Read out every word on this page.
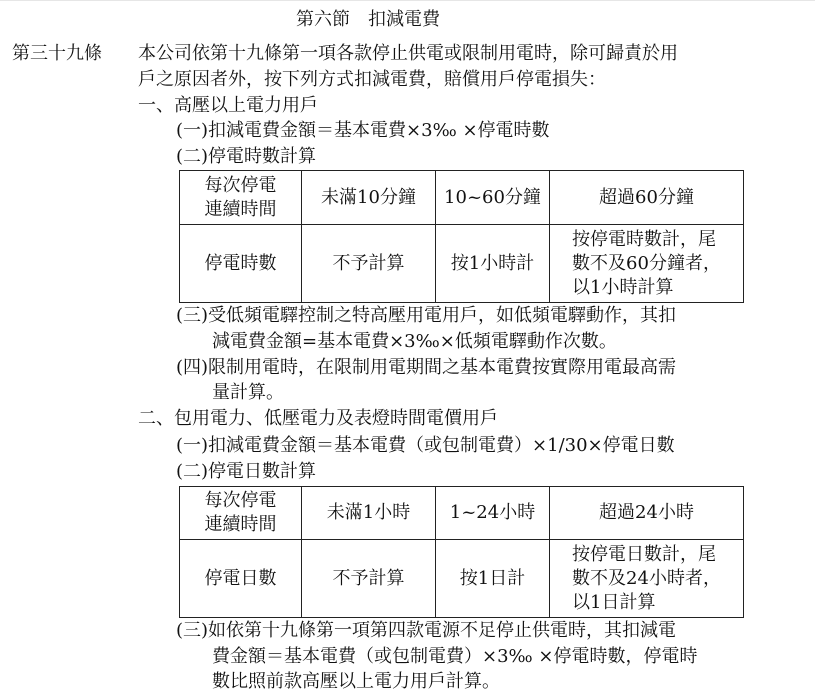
第六節　扣減電費
第三十九條 本公司依第十九條第一項各款停止供電或限制用電時，除可歸責於用
戶之原因者外，按下列方式扣減電費，賠償用戶停電損失：
一、高壓以上電力用戶
(一)扣減電費金額＝基本電費×3‰ ×停電時數
(二)停電時數計算
每次停電
連續時間	未滿10分鐘	10~60分鐘	超過60分鐘
停電時數	不予計算	按1小時計	按停電時數計，尾
數不及60分鐘者，
以1小時計算
(三)受低頻電驛控制之特高壓用電用戶，如低頻電驛動作，其扣
減電費金額=基本電費×3‰×低頻電驛動作次數。
(四)限制用電時，在限制用電期間之基本電費按實際用電最高需
量計算。
二、包用電力、低壓電力及表燈時間電價用戶
(一)扣減電費金額＝基本電費（或包制電費）×1/30×停電日數
(二)停電日數計算
每次停電
連續時間	未滿1小時	1~24小時	超過24小時
停電日數	不予計算	按1日計	按停電日數計，尾
數不及24小時者，
以1日計算
(三)如依第十九條第一項第四款電源不足停止供電時，其扣減電
費金額＝基本電費（或包制電費）×3‰ ×停電時數，停電時
數比照前款高壓以上電力用戶計算。
